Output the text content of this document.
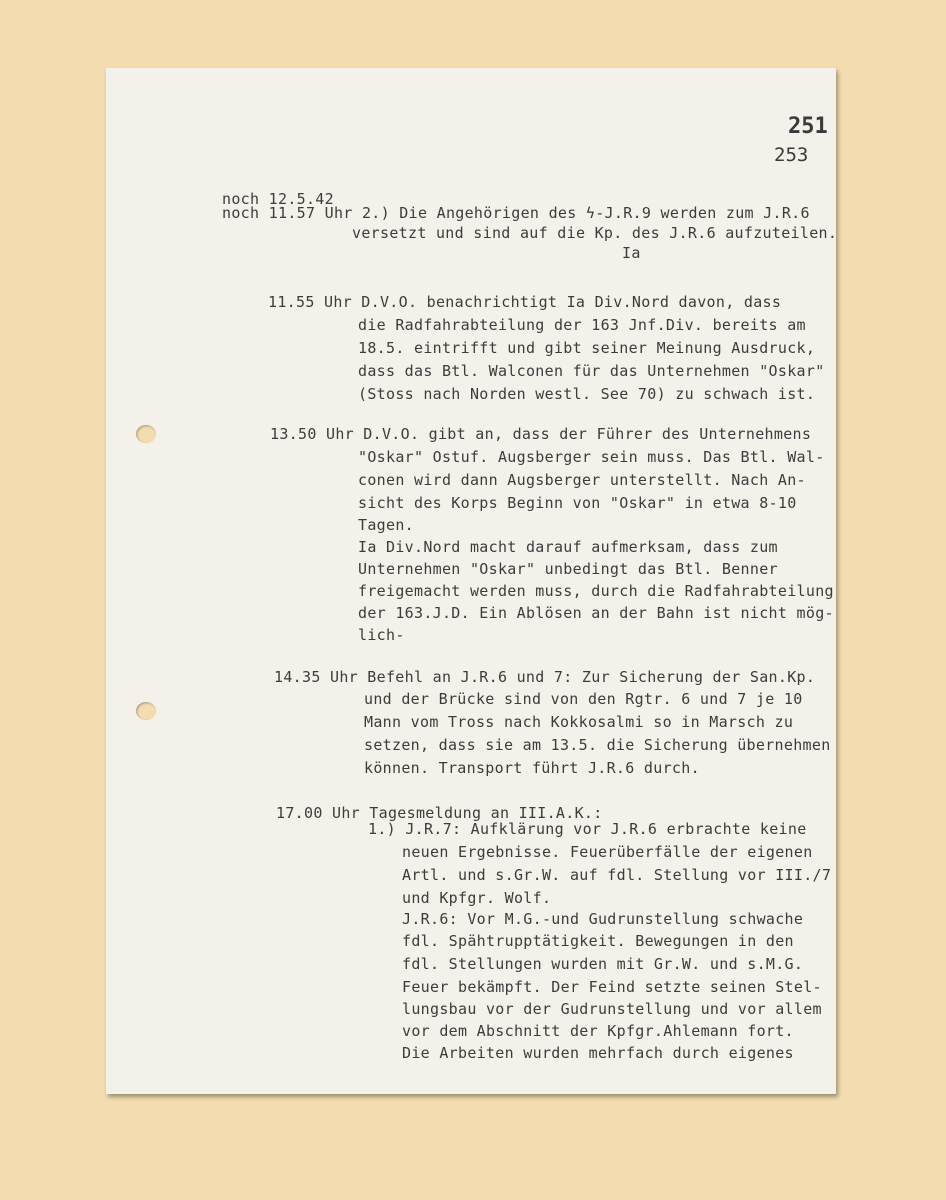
251
253
noch 12.5.42
noch 11.57 Uhr 2.) Die Angehörigen des ϟ-J.R.9 werden zum J.R.6
versetzt und sind auf die Kp. des J.R.6 aufzuteilen.
Ia
11.55 Uhr D.V.O. benachrichtigt Ia Div.Nord davon, dass
die Radfahrabteilung der 163 Jnf.Div. bereits am
18.5. eintrifft und gibt seiner Meinung Ausdruck,
dass das Btl. Walconen für das Unternehmen "Oskar"
(Stoss nach Norden westl. See 70) zu schwach ist.
13.50 Uhr D.V.O. gibt an, dass der Führer des Unternehmens
"Oskar" Ostuf. Augsberger sein muss. Das Btl. Wal-
conen wird dann Augsberger unterstellt. Nach An-
sicht des Korps Beginn von "Oskar" in etwa 8-10
Tagen.
Ia Div.Nord macht darauf aufmerksam, dass zum
Unternehmen "Oskar" unbedingt das Btl. Benner
freigemacht werden muss, durch die Radfahrabteilung
der 163.J.D. Ein Ablösen an der Bahn ist nicht mög-
lich-
14.35 Uhr Befehl an J.R.6 und 7: Zur Sicherung der San.Kp.
und der Brücke sind von den Rgtr. 6 und 7 je 10
Mann vom Tross nach Kokkosalmi so in Marsch zu
setzen, dass sie am 13.5. die Sicherung übernehmen
können. Transport führt J.R.6 durch.
17.00 Uhr Tagesmeldung an III.A.K.:
1.) J.R.7: Aufklärung vor J.R.6 erbrachte keine
neuen Ergebnisse. Feuerüberfälle der eigenen
Artl. und s.Gr.W. auf fdl. Stellung vor III./7
und Kpfgr. Wolf.
J.R.6: Vor M.G.-und Gudrunstellung schwache
fdl. Spähtrupptätigkeit. Bewegungen in den
fdl. Stellungen wurden mit Gr.W. und s.M.G.
Feuer bekämpft. Der Feind setzte seinen Stel-
lungsbau vor der Gudrunstellung und vor allem
vor dem Abschnitt der Kpfgr.Ahlemann fort.
Die Arbeiten wurden mehrfach durch eigenes
